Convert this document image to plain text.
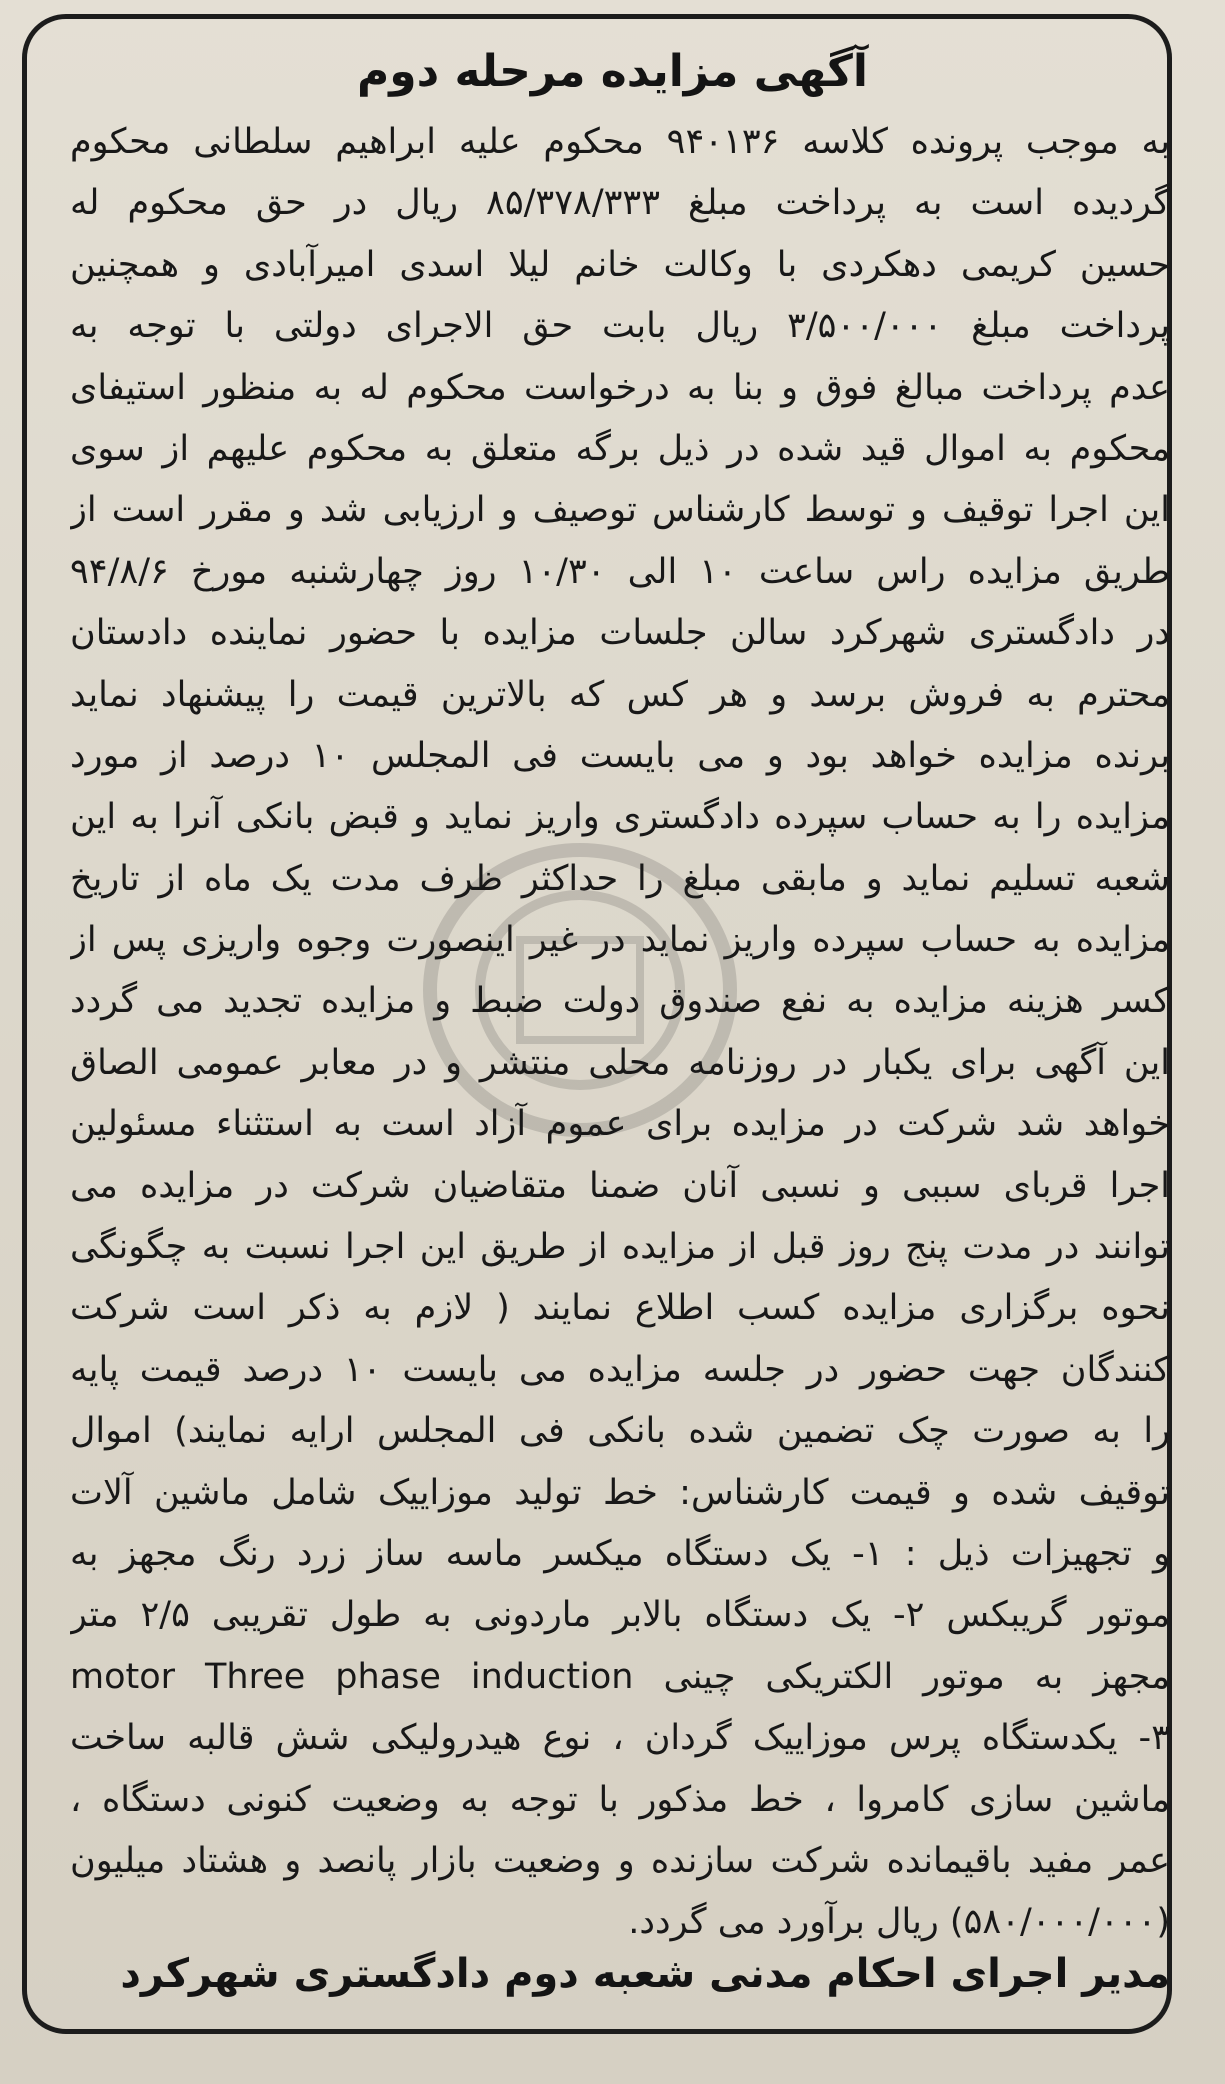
آگهی مزایده مرحله دوم
به موجب پرونده کلاسه ۹۴۰۱۳۶ محکوم علیه ابراهیم سلطانی محکوم
گردیده است به پرداخت مبلغ ۸۵/۳۷۸/۳۳۳ ریال در حق محکوم له
حسین کریمی دهکردی با وکالت خانم لیلا اسدی امیرآبادی و همچنین
پرداخت مبلغ ۳/۵۰۰/۰۰۰ ریال بابت حق الاجرای دولتی با توجه به
عدم پرداخت مبالغ فوق و بنا به درخواست محکوم له به منظور استیفای
محکوم به اموال قید شده در ذیل برگه متعلق به محکوم علیهم از سوی
این اجرا توقیف و توسط کارشناس توصیف و ارزیابی شد و مقرر است از
طریق مزایده راس ساعت ۱۰ الی ۱۰/۳۰ روز چهارشنبه مورخ ۹۴/۸/۶
در دادگستری شهرکرد سالن جلسات مزایده با حضور نماینده دادستان
محترم به فروش برسد و هر کس که بالاترین قیمت را پیشنهاد نماید
برنده مزایده خواهد بود و می بایست فی المجلس ۱۰ درصد از مورد
مزایده را به حساب سپرده دادگستری واریز نماید و قبض بانکی آنرا به این
شعبه تسلیم نماید و مابقی مبلغ را حداکثر ظرف مدت یک ماه از تاریخ
مزایده به حساب سپرده واریز نماید در غیر اینصورت وجوه واریزی پس از
کسر هزینه مزایده به نفع صندوق دولت ضبط و مزایده تجدید می گردد
این آگهی برای یکبار در روزنامه محلی منتشر و در معابر عمومی الصاق
خواهد شد شرکت در مزایده برای عموم آزاد است به استثناء مسئولین
اجرا قربای سببی و نسبی آنان ضمنا متقاضیان شرکت در مزایده می
توانند در مدت پنج روز قبل از مزایده از طریق این اجرا نسبت به چگونگی
نحوه برگزاری مزایده کسب اطلاع نمایند ( لازم به ذکر است شرکت
کنندگان جهت حضور در جلسه مزایده می بایست ۱۰ درصد قیمت پایه
را به صورت چک تضمین شده بانکی فی المجلس ارایه نمایند) اموال
توقیف شده و قیمت کارشناس: خط تولید موزاییک شامل ماشین آلات
و تجهیزات ذیل : ۱- یک دستگاه میکسر ماسه ساز زرد رنگ مجهز به
موتور گریبکس ۲- یک دستگاه بالابر ماردونی به طول تقریبی ۲/۵ متر
مجهز به موتور الکتریکی چینی motor Three phase induction
۳- یکدستگاه پرس موزاییک گردان ، نوع هیدرولیکی شش قالبه ساخت
ماشین سازی کامروا ، خط مذکور با توجه به وضعیت کنونی دستگاه ،
عمر مفید باقیمانده شرکت سازنده و وضعیت بازار پانصد و هشتاد میلیون
(۵۸۰/۰۰۰/۰۰۰) ریال برآورد می گردد.
مدیر اجرای احکام مدنی شعبه دوم دادگستری شهرکرد
